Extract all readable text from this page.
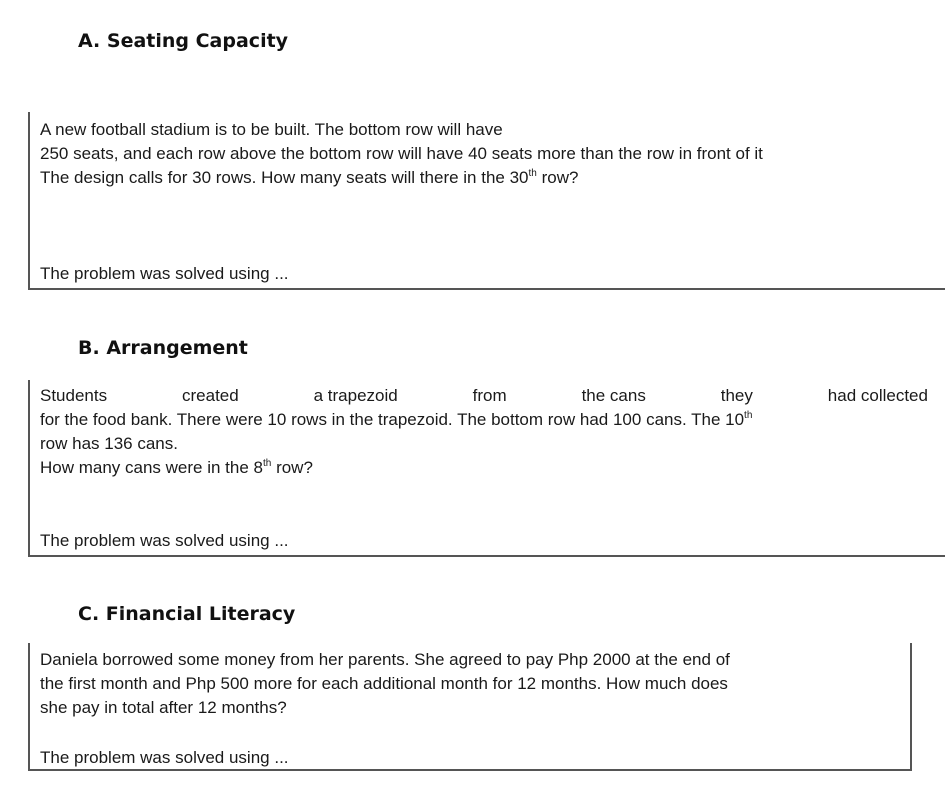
A. Seating Capacity
A new football stadium is to be built. The bottom row will have
250 seats, and each row above the bottom row will have 40 seats more than the row in front of it
The design calls for 30 rows. How many seats will there in the 30th row?
The problem was solved using ...
B. Arrangement
Students	created	a trapezoid	from	the cans	they	had collected
for the food bank. There were 10 rows in the trapezoid. The bottom row had 100 cans. The 10th
row has 136 cans.
How many cans were in the 8th row?
The problem was solved using ...
C. Financial Literacy
Daniela borrowed some money from her parents. She agreed to pay Php 2000 at the end of
the first month and Php 500 more for each additional month for 12 months. How much does
she pay in total after 12 months?
The problem was solved using ...
